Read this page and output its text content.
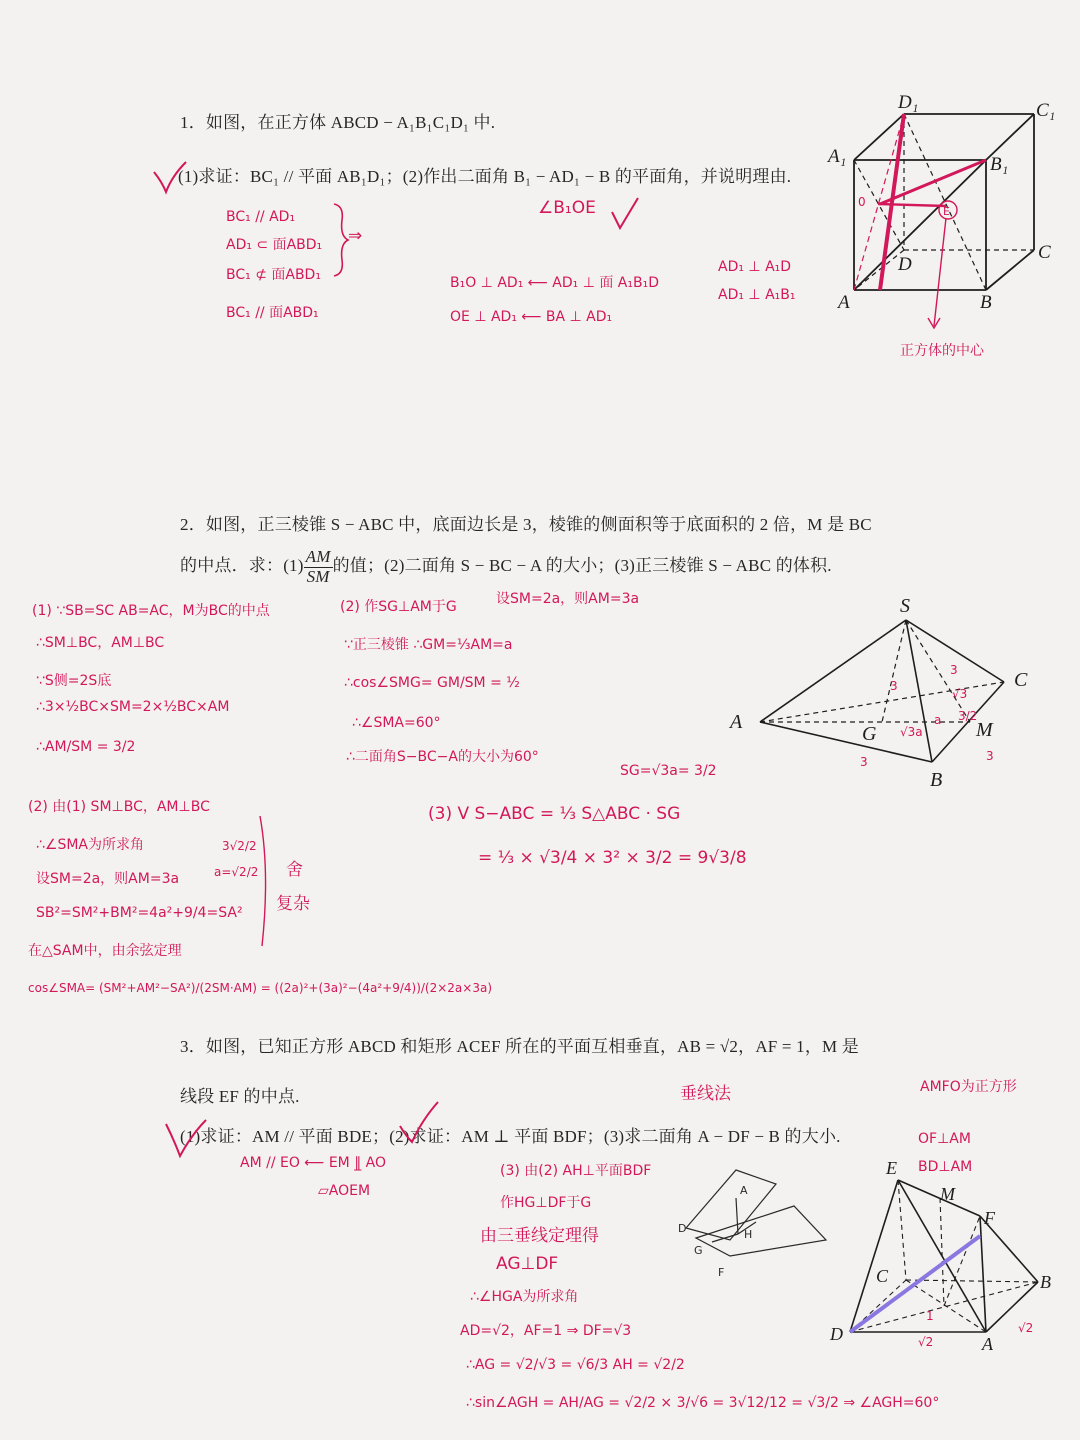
1．如图，在正方体 ABCD − A₁B₁C₁D₁ 中.
(1)求证：BC₁ // 平面 AB₁D₁；(2)作出二面角 B₁ − AD₁ − B 的平面角，并说明理由.
BC₁ // AD₁
AD₁ ⊂ 面ABD₁
BC₁ ⊄ 面ABD₁
BC₁ // 面ABD₁
⇒
∠B₁OE
B₁O ⊥ AD₁ ⟵ AD₁ ⊥ 面 A₁B₁D
OE ⊥ AD₁ ⟵ BA ⊥ AD₁
AD₁ ⊥ A₁D
AD₁ ⊥ A₁B₁
D₁	C₁
A₁	B₁
D
C
A	B
0
E
正方体的中心
2．如图，正三棱锥 S − ABC 中，底面边长是 3，棱锥的侧面积等于底面积的 2 倍，M 是 BC
的中点．求：$(1) \frac{AM}{SM}$ 的值；(2)二面角 S − BC − A 的大小；(3)正三棱锥 S − ABC 的体积.
(1) ∵SB=SC AB=AC，M为BC的中点
∴SM⊥BC，AM⊥BC
∵S侧=2S底
∴3×½BC×SM=2×½BC×AM
∴AM/SM = 3/2
(2) 作SG⊥AM于G	设SM=2a，则AM=3a
∵正三棱锥 ∴GM=⅓AM=a
∴cos∠SMG= GM/SM = ½
∴∠SMA=60°
∴二面角S−BC−A的大小为60°
SG=√3a= 3/2
(3) V S−ABC = ⅓ S△ABC · SG
= ⅓ × √3/4 × 3² × 3/2 = 9√3/8
(2) 由(1) SM⊥BC，AM⊥BC
∴∠SMA为所求角
设SM=2a，则AM=3a
SB²=SM²+BM²=4a²+9/4=SA²
在△SAM中，由余弦定理
cos∠SMA= (SM²+AM²−SA²)/(2SM·AM) = ((2a)²+(3a)²−(4a²+9/4))/(2×2a×3a)
3√2/2
a=√2/2 舍
复杂
S
C
A	M
B
G
3
3
√3a
√3
a
3
3/2
3
3．如图，已知正方形 ABCD 和矩形 ACEF 所在的平面互相垂直，AB = √2，AF = 1，M 是
线段 EF 的中点.
(1)求证：AM // 平面 BDE；(2)求证：AM ⊥ 平面 BDF；(3)求二面角 A − DF − B 的大小.
垂线法	AMFO为正方形
OF⊥AM
BD⊥AM
AM // EO ⟵ EM ∥̲ AO
▱AOEM
(3) 由(2) AH⊥平面BDF
作HG⊥DF于G
由三垂线定理得
AG⊥DF
∴∠HGA为所求角
AD=√2，AF=1 ⇒ DF=√3
∴AG = √2/√3 = √6/3 AH = √2/2
∴sin∠AGH = AH/AG = √2/2 × 3/√6 = 3√12/12 = √3/2 ⇒ ∠AGH=60°
A
H
D
G
F
E
M
F
C	B
D	A
1
√2
√2
